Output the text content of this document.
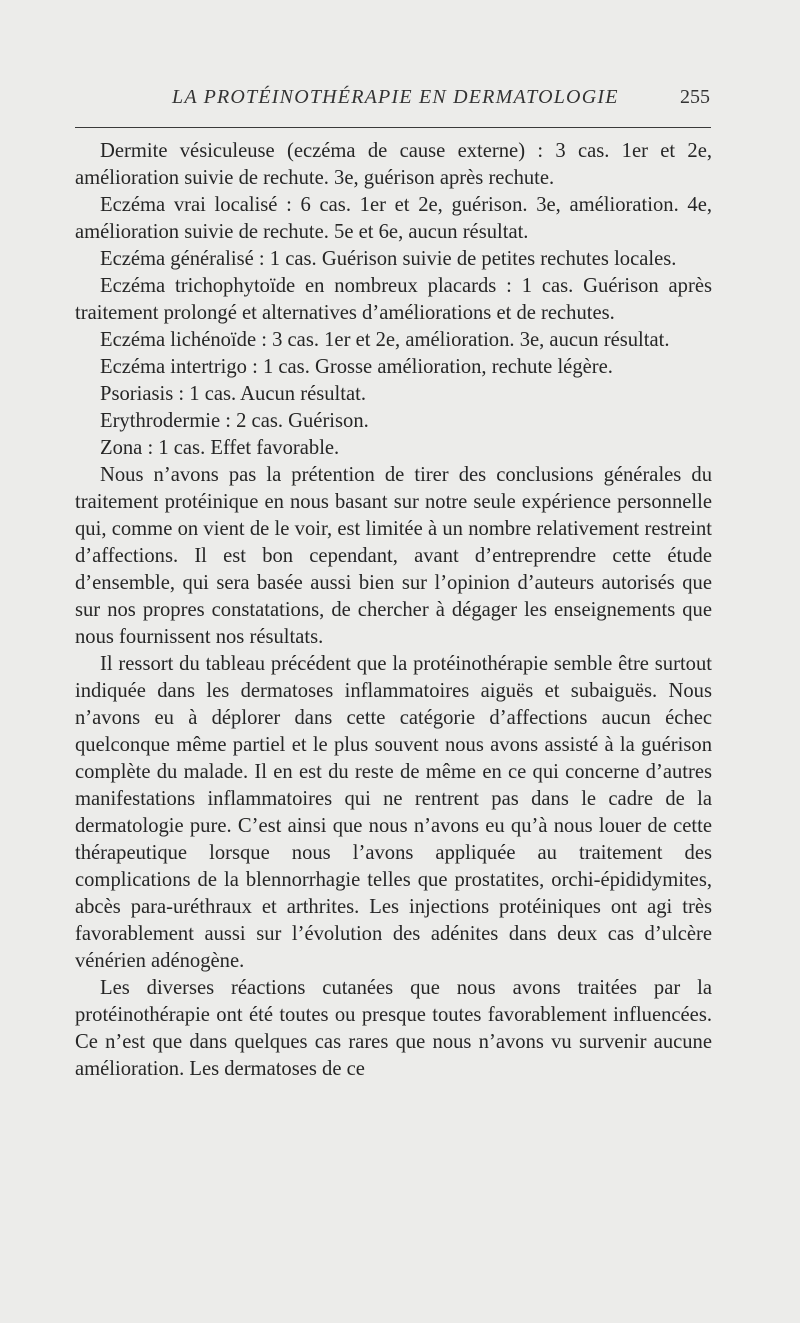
LA PROTÉINOTHÉRAPIE EN DERMATOLOGIE	255

Dermite vésiculeuse (eczéma de cause externe) : 3 cas. 1er et 2e, amélioration suivie de rechute. 3e, guérison après rechute.

Eczéma vrai localisé : 6 cas. 1er et 2e, guérison. 3e, amélioration. 4e, amélioration suivie de rechute. 5e et 6e, aucun résultat.

Eczéma généralisé : 1 cas. Guérison suivie de petites rechutes locales.

Eczéma trichophytoïde en nombreux placards : 1 cas. Guérison après traitement prolongé et alternatives d’améliorations et de rechutes.

Eczéma lichénoïde : 3 cas. 1er et 2e, amélioration. 3e, aucun résultat.

Eczéma intertrigo : 1 cas. Grosse amélioration, rechute légère.

Psoriasis : 1 cas. Aucun résultat.

Erythrodermie : 2 cas. Guérison.

Zona : 1 cas. Effet favorable.

Nous n’avons pas la prétention de tirer des conclusions générales du traitement protéinique en nous basant sur notre seule expérience personnelle qui, comme on vient de le voir, est limitée à un nombre relativement restreint d’affections. Il est bon cependant, avant d’entreprendre cette étude d’ensemble, qui sera basée aussi bien sur l’opinion d’auteurs autorisés que sur nos propres constatations, de chercher à dégager les enseignements que nous fournissent nos résultats.

Il ressort du tableau précédent que la protéinothérapie semble être surtout indiquée dans les dermatoses inflammatoires aiguës et subaiguës. Nous n’avons eu à déplorer dans cette catégorie d’affections aucun échec quelconque même partiel et le plus souvent nous avons assisté à la guérison complète du malade. Il en est du reste de même en ce qui concerne d’autres manifestations inflammatoires qui ne rentrent pas dans le cadre de la dermatologie pure. C’est ainsi que nous n’avons eu qu’à nous louer de cette thérapeutique lorsque nous l’avons appliquée au traitement des complications de la blennorrhagie telles que prostatites, orchi-épididymites, abcès para-uréthraux et arthrites. Les injections protéiniques ont agi très favorablement aussi sur l’évolution des adénites dans deux cas d’ulcère vénérien adénogène.

Les diverses réactions cutanées que nous avons traitées par la protéinothérapie ont été toutes ou presque toutes favorablement influencées. Ce n’est que dans quelques cas rares que nous n’avons vu survenir aucune amélioration. Les dermatoses de ce
